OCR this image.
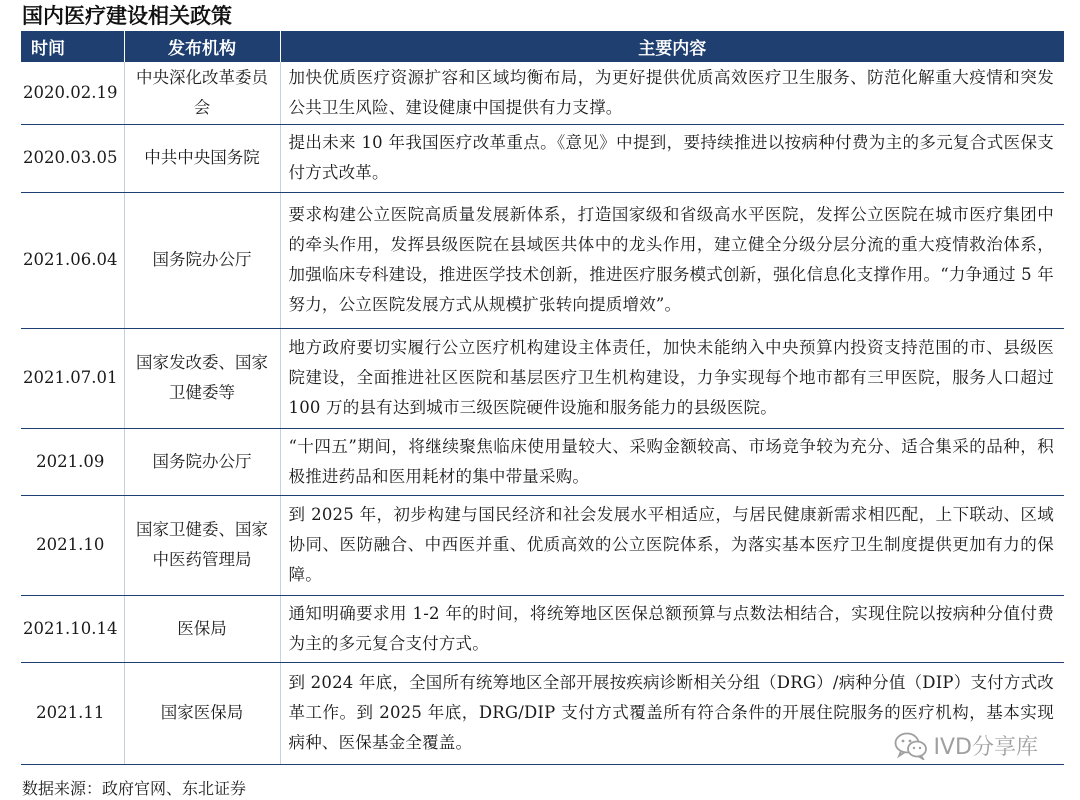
国内医疗建设相关政策
时间	发布机构	主要内容
2020.02.19	中央深化改革委员会	加快优质医疗资源扩容和区域均衡布局，为更好提供优质高效医疗卫生服务、防范化解重大疫情和突发公共卫生风险、建设健康中国提供有力支撑。
2020.03.05	中共中央国务院	提出未来 10 年我国医疗改革重点。《意见》中提到，要持续推进以按病种付费为主的多元复合式医保支付方式改革。
2021.06.04	国务院办公厅	要求构建公立医院高质量发展新体系，打造国家级和省级高水平医院，发挥公立医院在城市医疗集团中的牵头作用，发挥县级医院在县域医共体中的龙头作用，建立健全分级分层分流的重大疫情救治体系，加强临床专科建设，推进医学技术创新，推进医疗服务模式创新，强化信息化支撑作用。“力争通过 5 年努力，公立医院发展方式从规模扩张转向提质增效”。
2021.07.01	国家发改委、国家卫健委等	地方政府要切实履行公立医疗机构建设主体责任，加快未能纳入中央预算内投资支持范围的市、县级医院建设，全面推进社区医院和基层医疗卫生机构建设，力争实现每个地市都有三甲医院，服务人口超过 100 万的县有达到城市三级医院硬件设施和服务能力的县级医院。
2021.09	国务院办公厅	“十四五”期间，将继续聚焦临床使用量较大、采购金额较高、市场竞争较为充分、适合集采的品种，积极推进药品和医用耗材的集中带量采购。
2021.10	国家卫健委、国家中医药管理局	到 2025 年，初步构建与国民经济和社会发展水平相适应，与居民健康新需求相匹配，上下联动、区域协同、医防融合、中西医并重、优质高效的公立医院体系，为落实基本医疗卫生制度提供更加有力的保障。
2021.10.14	医保局	通知明确要求用 1-2 年的时间，将统筹地区医保总额预算与点数法相结合，实现住院以按病种分值付费为主的多元复合支付方式。
2021.11	国家医保局	到 2024 年底，全国所有统筹地区全部开展按疾病诊断相关分组（DRG）/病种分值（DIP）支付方式改革工作。到 2025 年底，DRG/DIP 支付方式覆盖所有符合条件的开展住院服务的医疗机构，基本实现病种、医保基金全覆盖。	IVD分享库
数据来源：政府官网、东北证券
